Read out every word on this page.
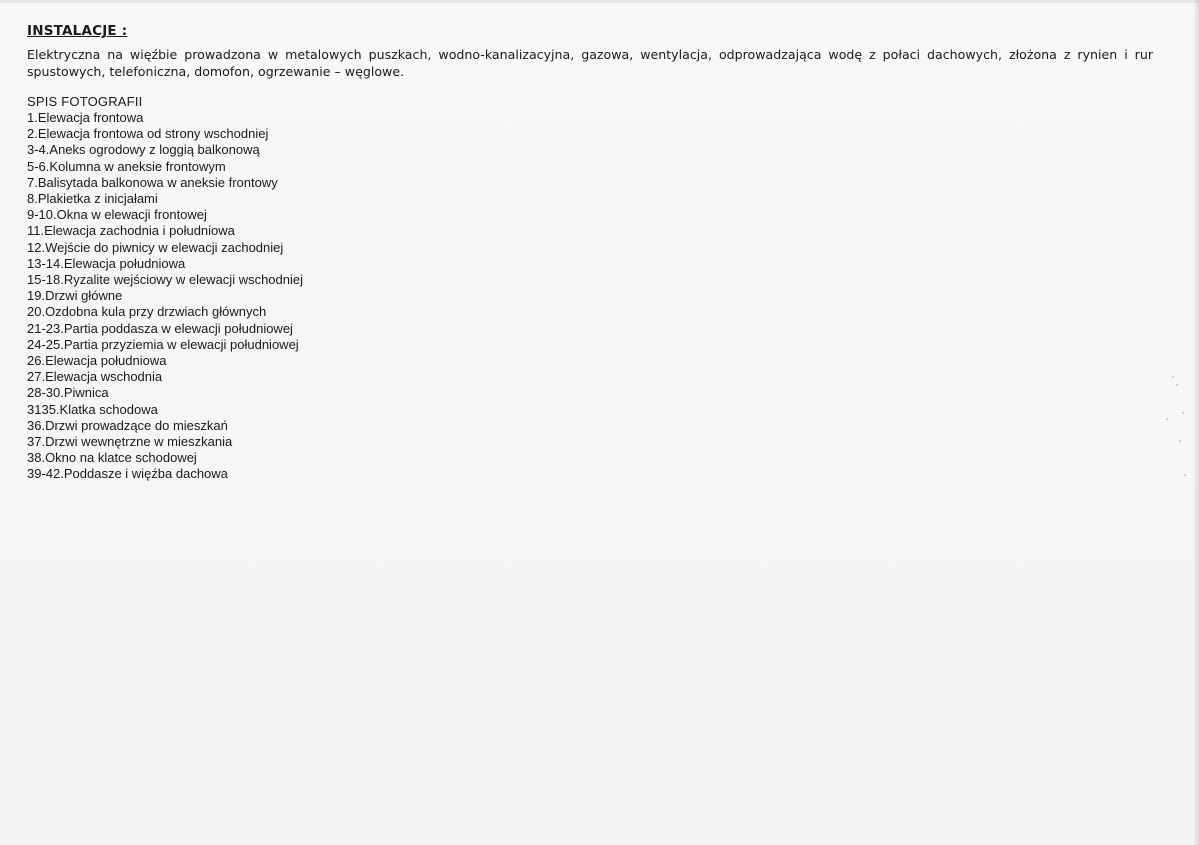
INSTALACJE :

Elektryczna na więźbie prowadzona w metalowych puszkach, wodno-kanalizacyjna, gazowa, wentylacja, odprowadzająca wodę z połaci dachowych, złożona z rynien i rur spustowych, telefoniczna, domofon, ogrzewanie – węglowe.

SPIS FOTOGRAFII

1.Elewacja frontowa
2.Elewacja frontowa od strony wschodniej
3-4.Aneks ogrodowy z loggią balkonową
5-6.Kolumna w aneksie frontowym
7.Balisytada balkonowa w aneksie frontowy
8.Plakietka z inicjałami
9-10.Okna w elewacji frontowej
11.Elewacja zachodnia i południowa
12.Wejście do piwnicy w elewacji zachodniej
13-14.Elewacja południowa
15-18.Ryzalite wejściowy w elewacji wschodniej
19.Drzwi główne
20.Ozdobna kula przy drzwiach głównych
21-23.Partia poddasza w elewacji południowej
24-25.Partia przyziemia w elewacji południowej
26.Elewacja południowa
27.Elewacja wschodnia
28-30.Piwnica
3135.Klatka schodowa
36.Drzwi prowadzące do mieszkań
37.Drzwi wewnętrzne w mieszkania
38.Okno na klatce schodowej
39-42.Poddasze i więźba dachowa
